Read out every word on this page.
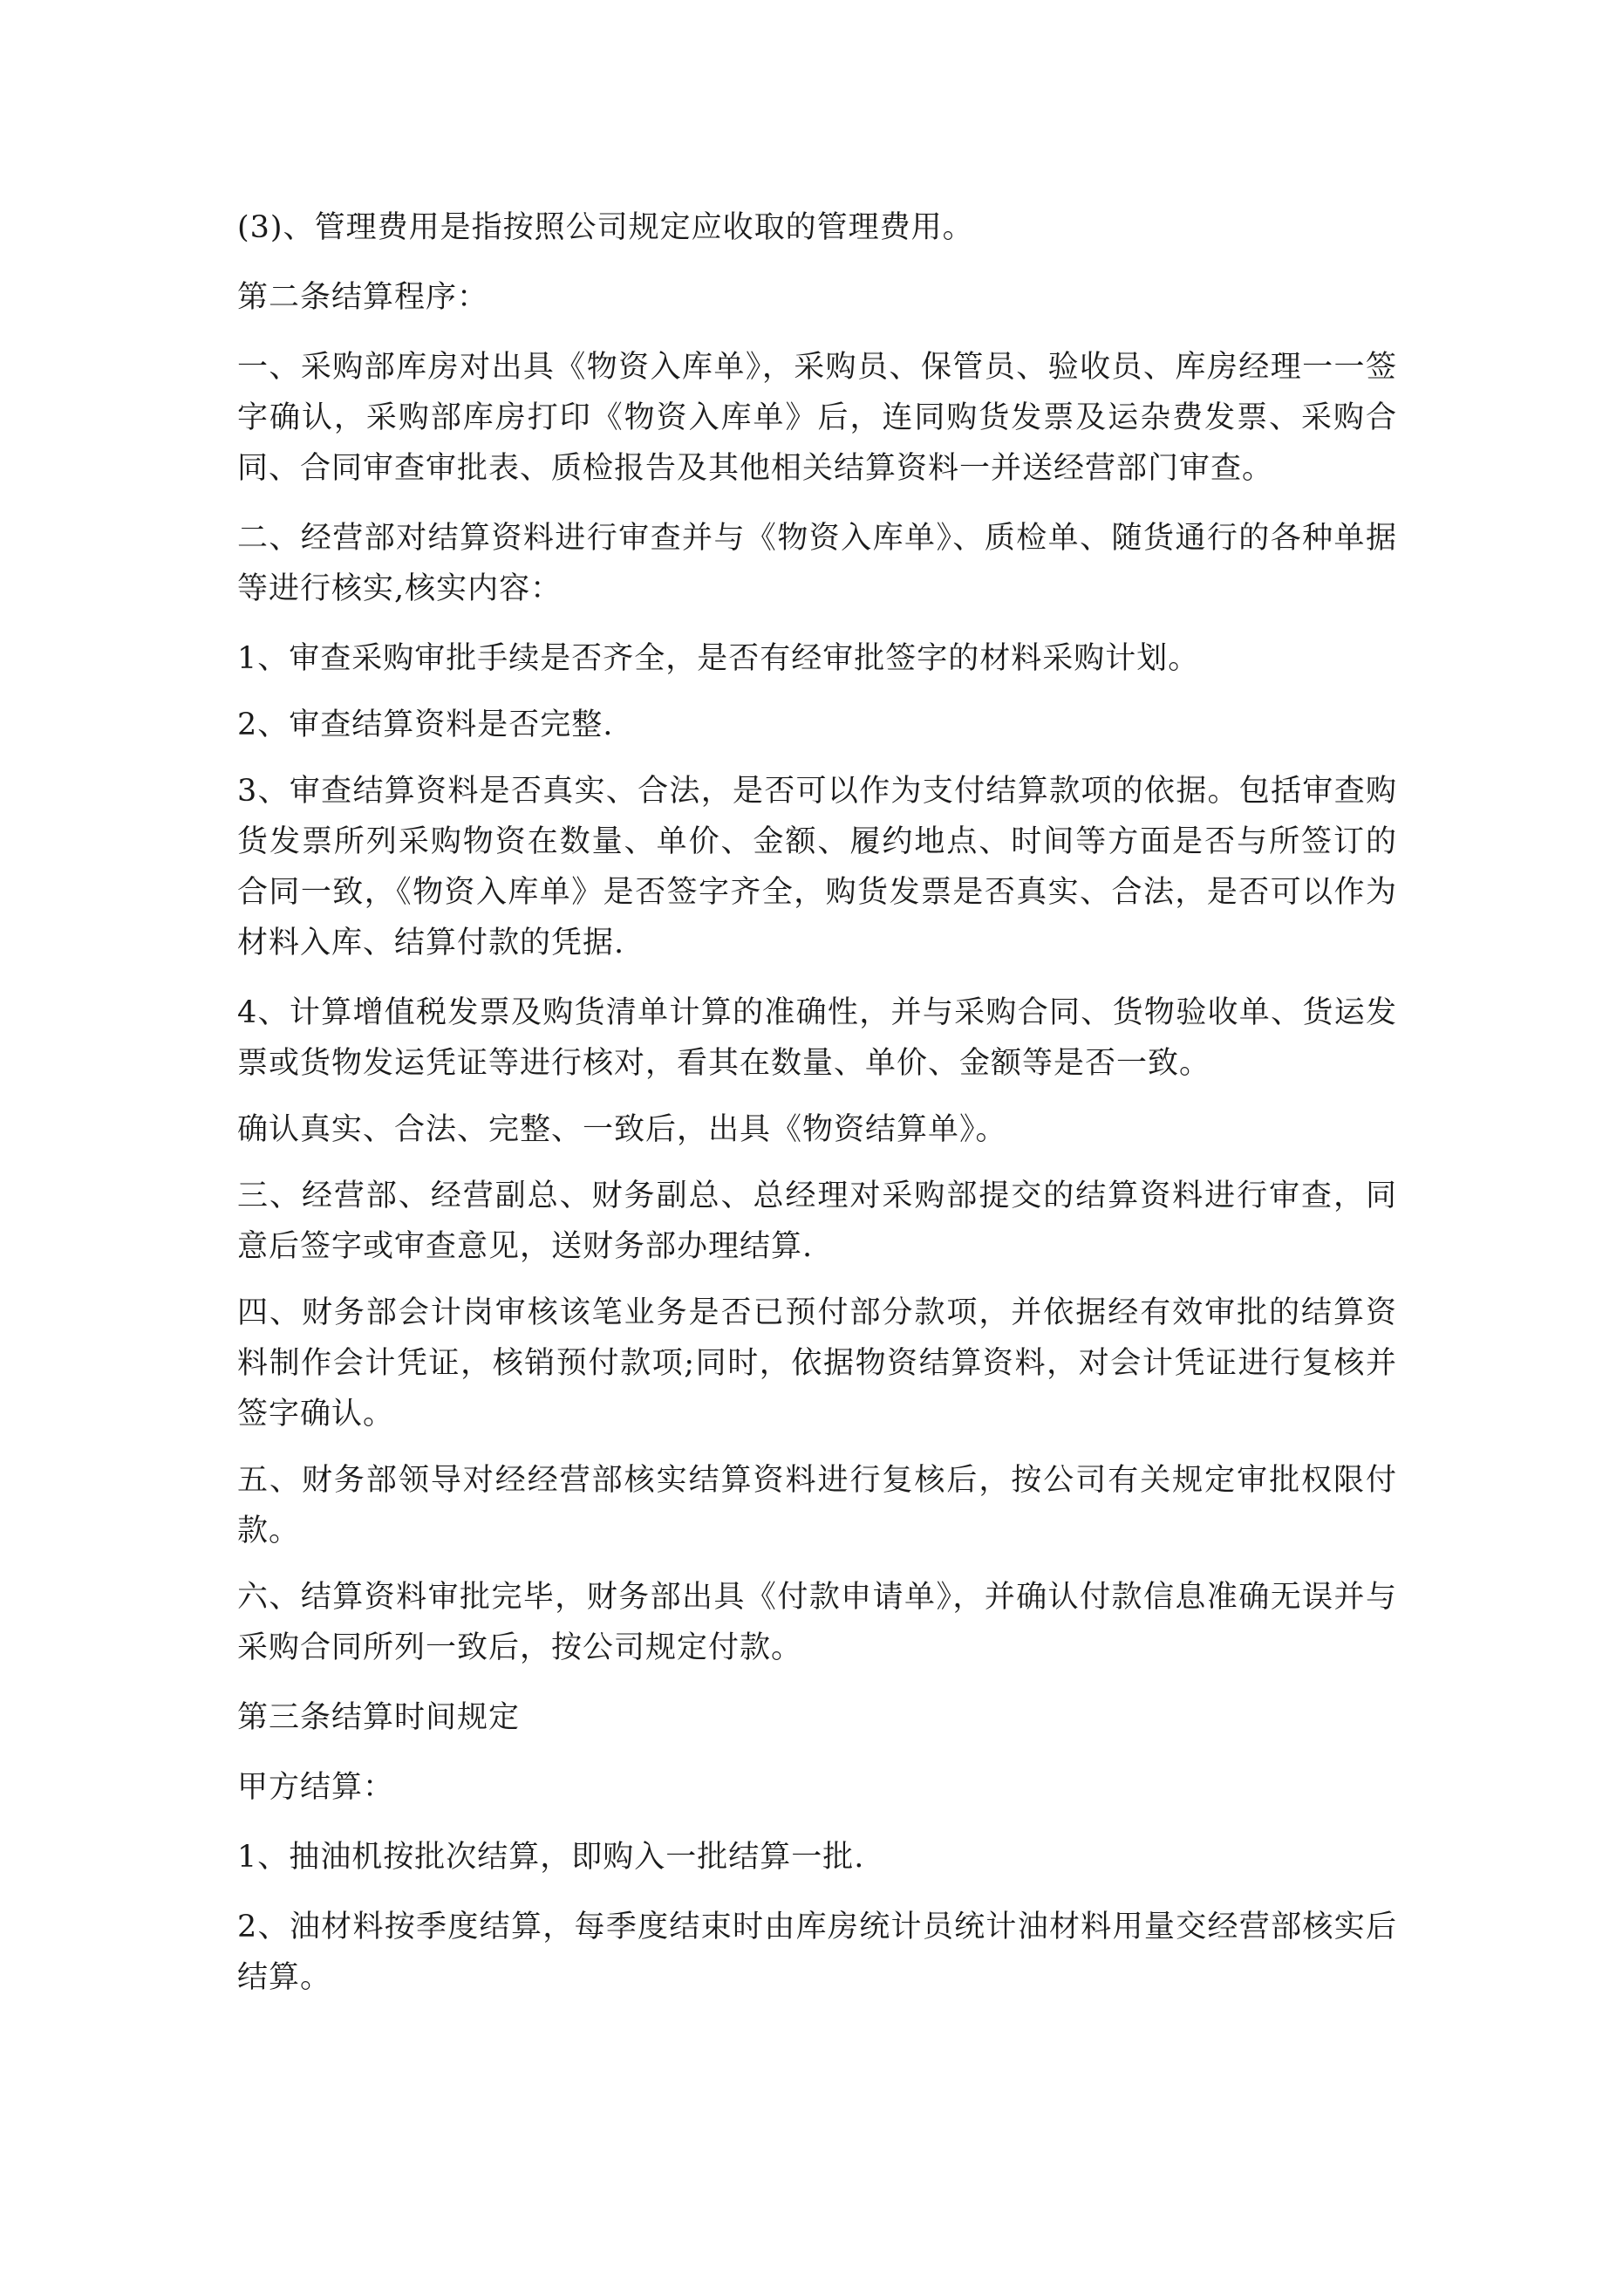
(3)、管理费用是指按照公司规定应收取的管理费用。

第二条结算程序：

一、采购部库房对出具《物资入库单》，采购员、保管员、验收员、库房经理一一签字确认，采购部库房打印《物资入库单》后，连同购货发票及运杂费发票、采购合同、合同审查审批表、质检报告及其他相关结算资料一并送经营部门审查。

二、经营部对结算资料进行审查并与《物资入库单》、质检单、随货通行的各种单据等进行核实,核实内容：

1、审查采购审批手续是否齐全，是否有经审批签字的材料采购计划。

2、审查结算资料是否完整.

3、审查结算资料是否真实、合法，是否可以作为支付结算款项的依据。包括审查购货发票所列采购物资在数量、单价、金额、履约地点、时间等方面是否与所签订的合同一致，《物资入库单》是否签字齐全，购货发票是否真实、合法，是否可以作为材料入库、结算付款的凭据.

4、计算增值税发票及购货清单计算的准确性，并与采购合同、货物验收单、货运发票或货物发运凭证等进行核对，看其在数量、单价、金额等是否一致。

确认真实、合法、完整、一致后，出具《物资结算单》。

三、经营部、经营副总、财务副总、总经理对采购部提交的结算资料进行审查，同意后签字或审查意见，送财务部办理结算.

四、财务部会计岗审核该笔业务是否已预付部分款项，并依据经有效审批的结算资料制作会计凭证，核销预付款项;同时，依据物资结算资料，对会计凭证进行复核并签字确认。

五、财务部领导对经经营部核实结算资料进行复核后，按公司有关规定审批权限付款。

六、结算资料审批完毕，财务部出具《付款申请单》，并确认付款信息准确无误并与采购合同所列一致后，按公司规定付款。

第三条结算时间规定

甲方结算：

1、抽油机按批次结算，即购入一批结算一批.

2、油材料按季度结算，每季度结束时由库房统计员统计油材料用量交经营部核实后结算。
